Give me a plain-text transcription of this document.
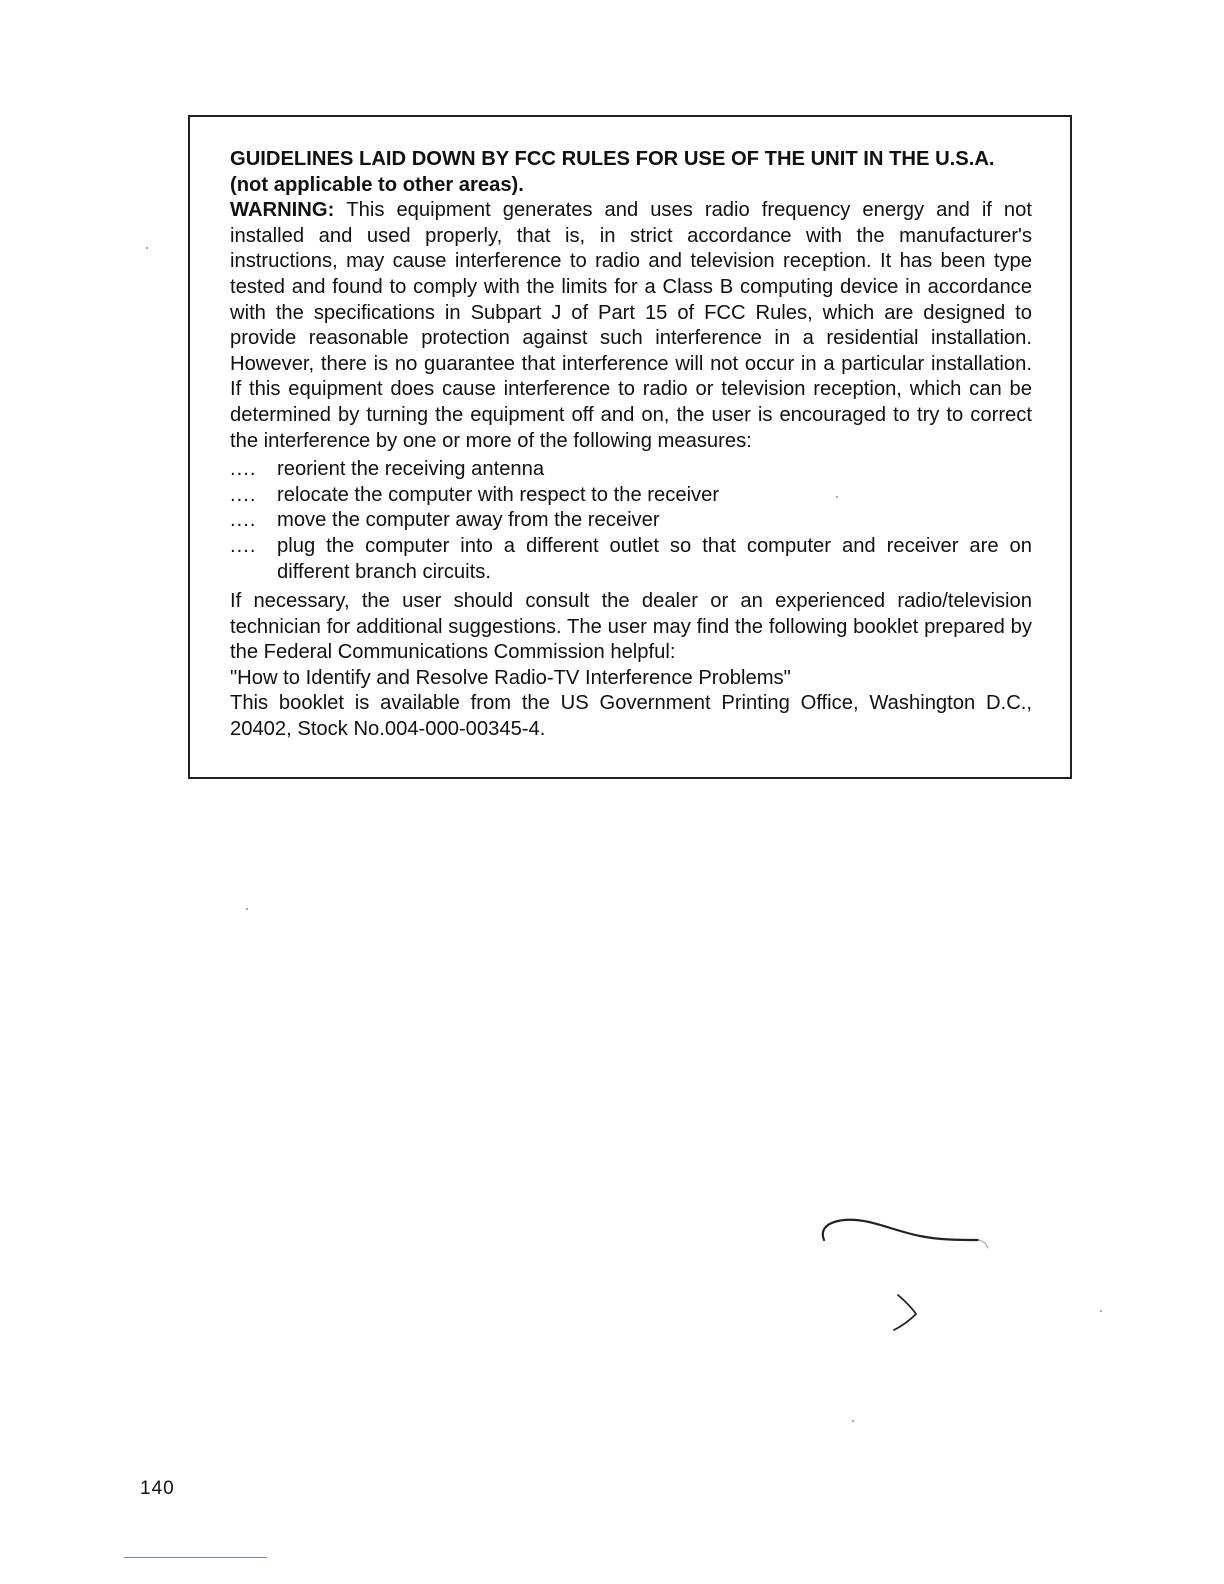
GUIDELINES LAID DOWN BY FCC RULES FOR USE OF THE UNIT IN THE U.S.A.

(not applicable to other areas).

WARNING: This equipment generates and uses radio frequency energy and if not installed and used properly, that is, in strict accordance with the manufacturer's instructions, may cause interference to radio and television reception. It has been type tested and found to comply with the limits for a Class B computing device in accordance with the specifications in Subpart J of Part 15 of FCC Rules, which are designed to provide reasonable protection against such interference in a residential installation. However, there is no guarantee that interference will not occur in a particular installation. If this equipment does cause interference to radio or television reception, which can be determined by turning the equipment off and on, the user is encouraged to try to correct the interference by one or more of the following measures:

....	reorient the receiving antenna
....	relocate the computer with respect to the receiver
....	move the computer away from the receiver
....	plug the computer into a different outlet so that computer and receiver are on different branch circuits.

If necessary, the user should consult the dealer or an experienced radio/television technician for additional suggestions. The user may find the following booklet prepared by the Federal Communications Commission helpful:

"How to Identify and Resolve Radio-TV Interference Problems"

This booklet is available from the US Government Printing Office, Washington D.C., 20402, Stock No.004-000-00345-4.

140
